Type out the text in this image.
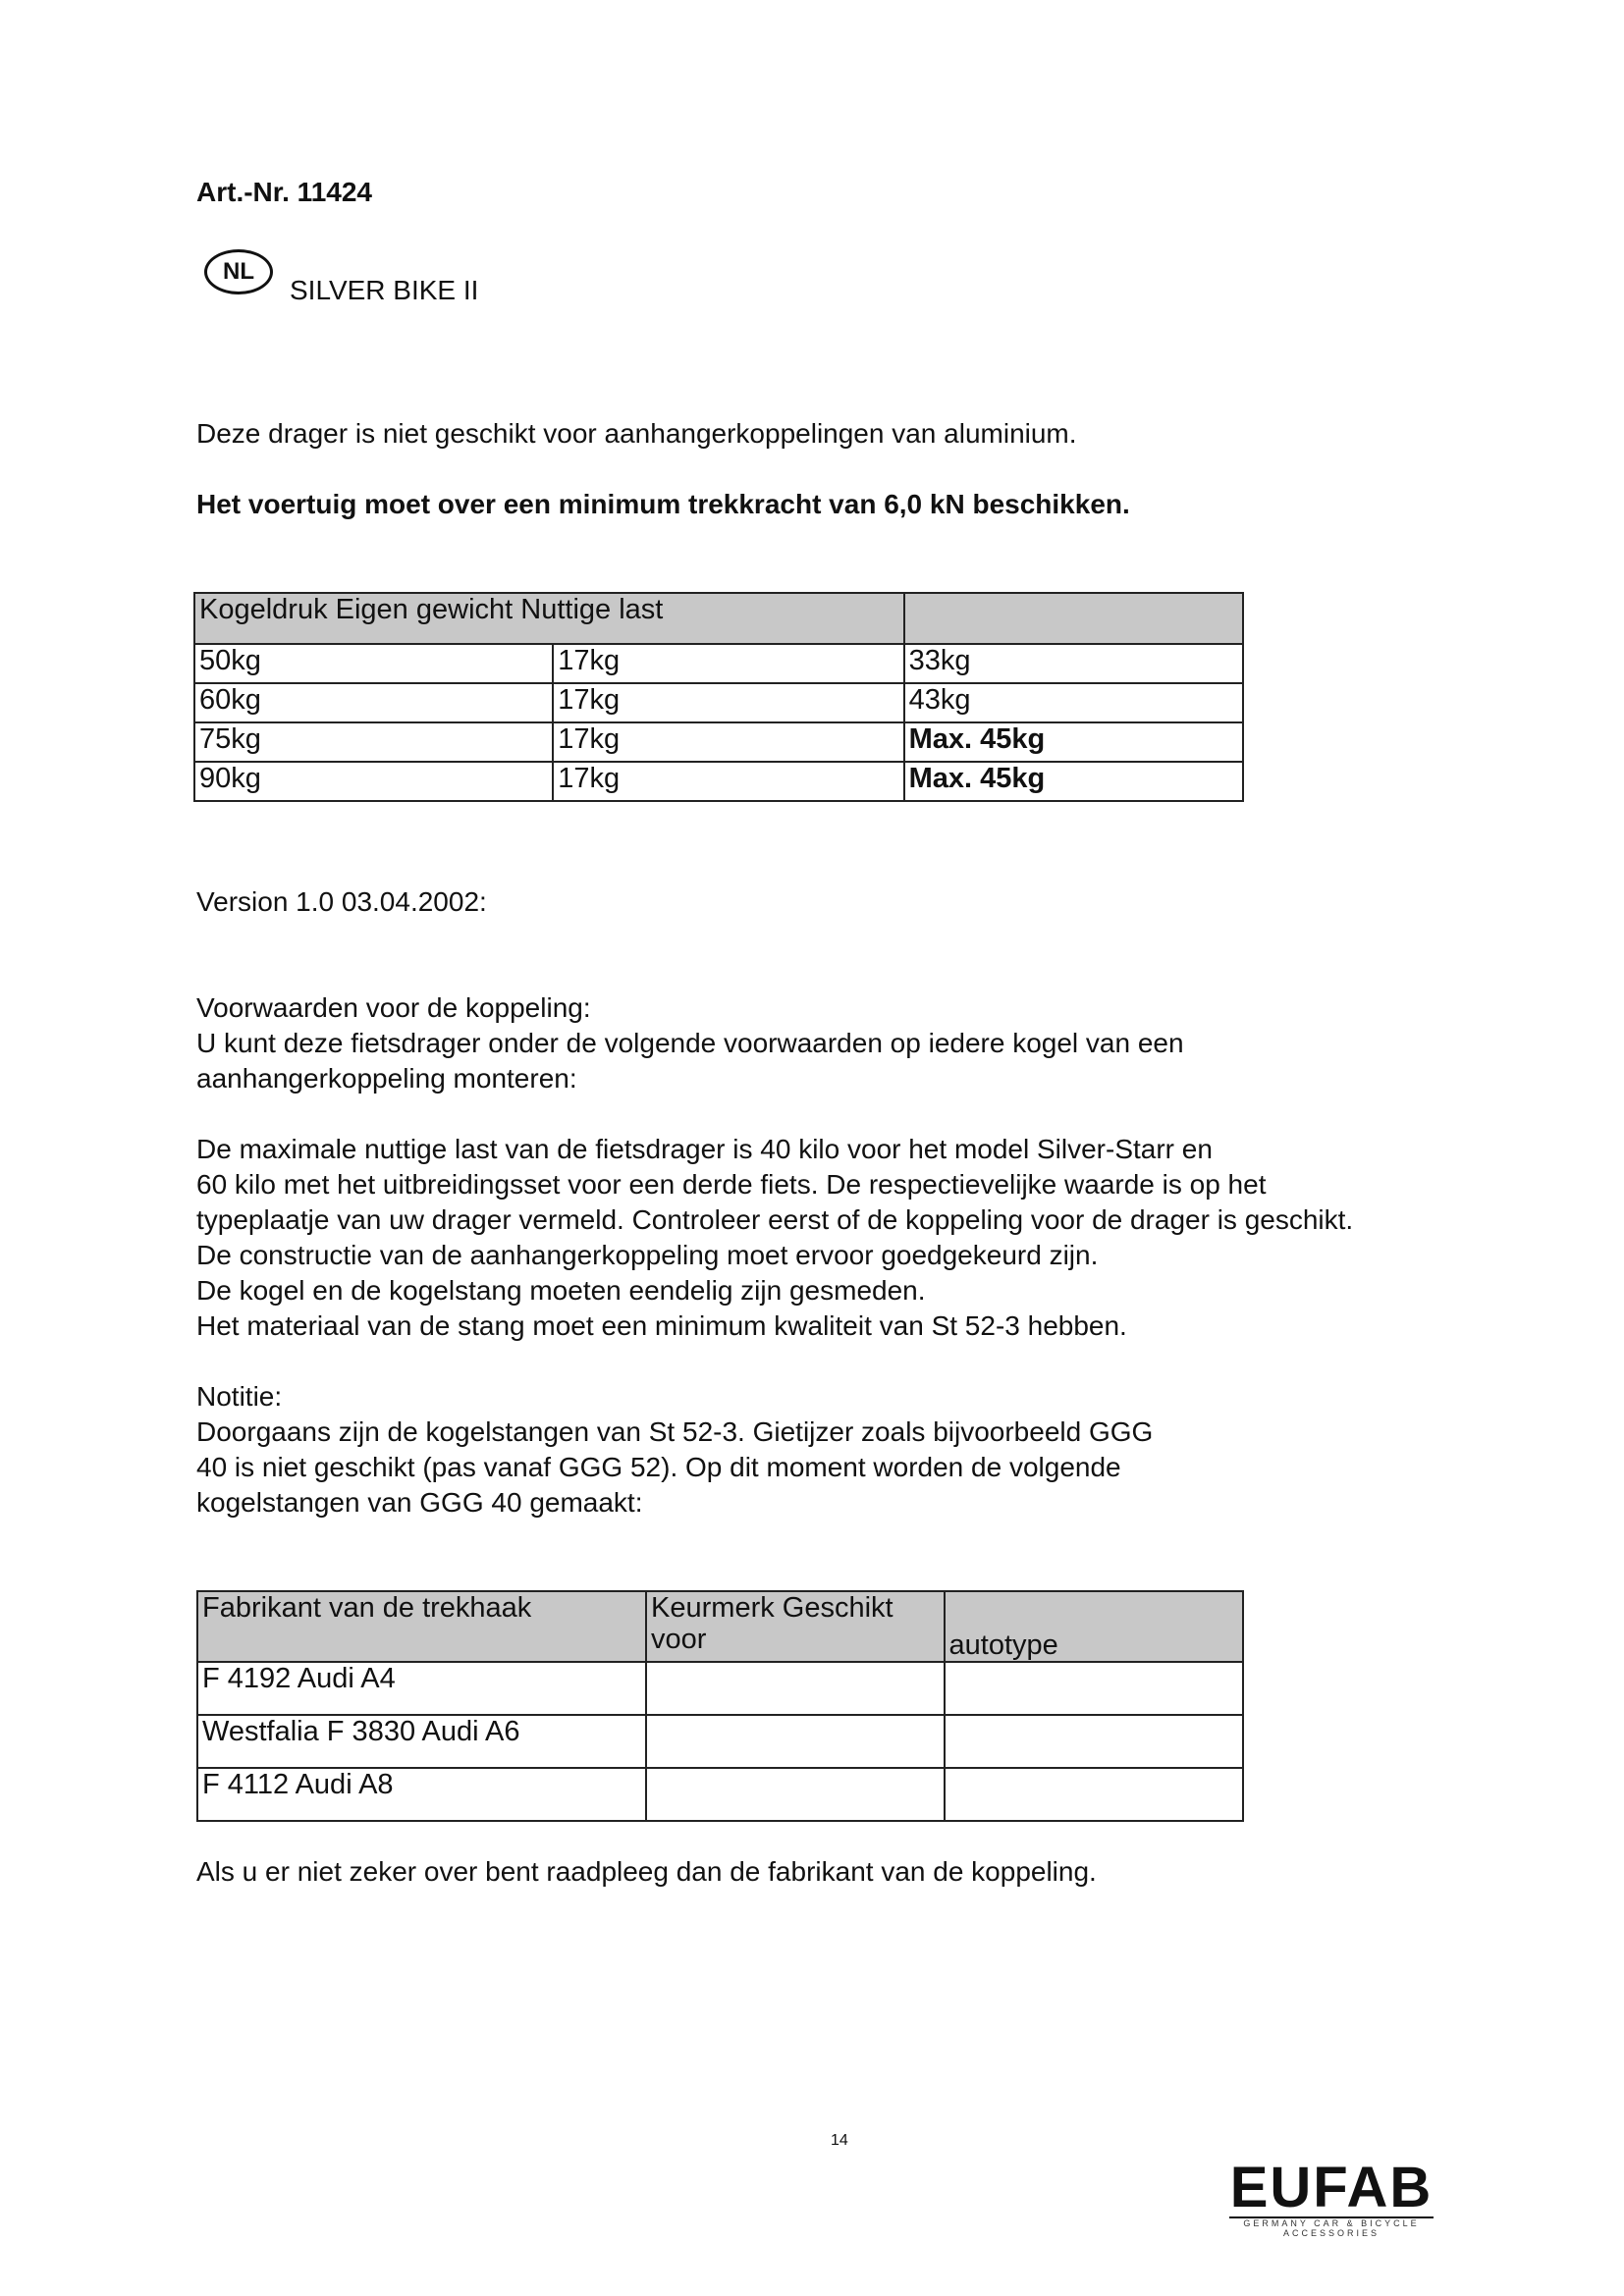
Art.-Nr. 11424
NL
SILVER BIKE II
Deze drager is niet geschikt voor aanhangerkoppelingen van aluminium.
Het voertuig moet over een minimum trekkracht van 6,0 kN beschikken.
Kogeldruk Eigen gewicht Nuttige last		
50kg	17kg	33kg
60kg	17kg	43kg
75kg	17kg	Max. 45kg
90kg	17kg	Max. 45kg
Version 1.0 03.04.2002:
Voorwaarden voor de koppeling:
U kunt deze fietsdrager onder de volgende voorwaarden op iedere kogel van een
aanhangerkoppeling monteren:
De maximale nuttige last van de fietsdrager is 40 kilo voor het model Silver-Starr en
60 kilo met het uitbreidingsset voor een derde fiets. De respectievelijke waarde is op het
typeplaatje van uw drager vermeld. Controleer eerst of de koppeling voor de drager is geschikt.
De constructie van de aanhangerkoppeling moet ervoor goedgekeurd zijn.
De kogel en de kogelstang moeten eendelig zijn gesmeden.
Het materiaal van de stang moet een minimum kwaliteit van St 52-3 hebben.
Notitie:
Doorgaans zijn de kogelstangen van St 52-3. Gietijzer zoals bijvoorbeeld GGG
40 is niet geschikt (pas vanaf GGG 52). Op dit moment worden de volgende
kogelstangen van GGG 40 gemaakt:
Fabrikant van de trekhaak	Keurmerk Geschikt voor	autotype
F 4192 Audi A4		
Westfalia F 3830 Audi A6		
F 4112 Audi A8		
Als u er niet zeker over bent raadpleeg dan de fabrikant van de koppeling.
14
EUFAB
GERMANY CAR & BICYCLE ACCESSORIES
